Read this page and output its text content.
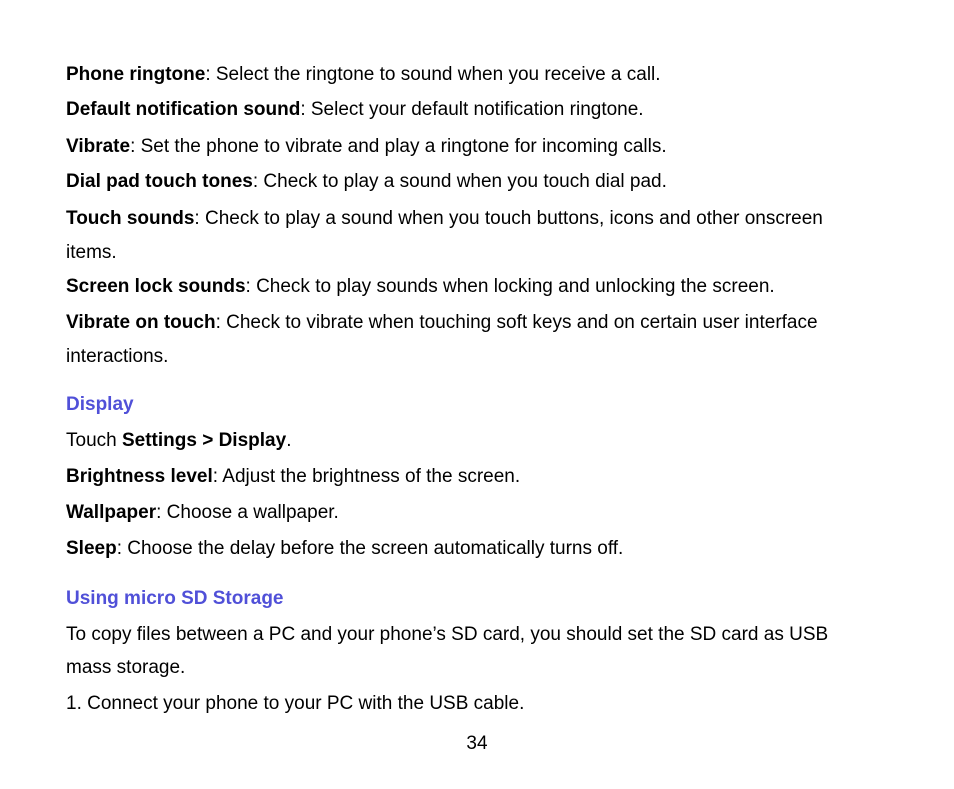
Phone ringtone: Select the ringtone to sound when you receive a call.
Default notification sound: Select your default notification ringtone.
Vibrate: Set the phone to vibrate and play a ringtone for incoming calls.
Dial pad touch tones: Check to play a sound when you touch dial pad.
Touch sounds: Check to play a sound when you touch buttons, icons and other onscreen
items.
Screen lock sounds: Check to play sounds when locking and unlocking the screen.
Vibrate on touch: Check to vibrate when touching soft keys and on certain user interface
interactions.
Display
Touch Settings > Display.
Brightness level: Adjust the brightness of the screen.
Wallpaper: Choose a wallpaper.
Sleep: Choose the delay before the screen automatically turns off.
Using micro SD Storage
To copy files between a PC and your phone’s SD card, you should set the SD card as USB
mass storage.
1. Connect your phone to your PC with the USB cable.
34
